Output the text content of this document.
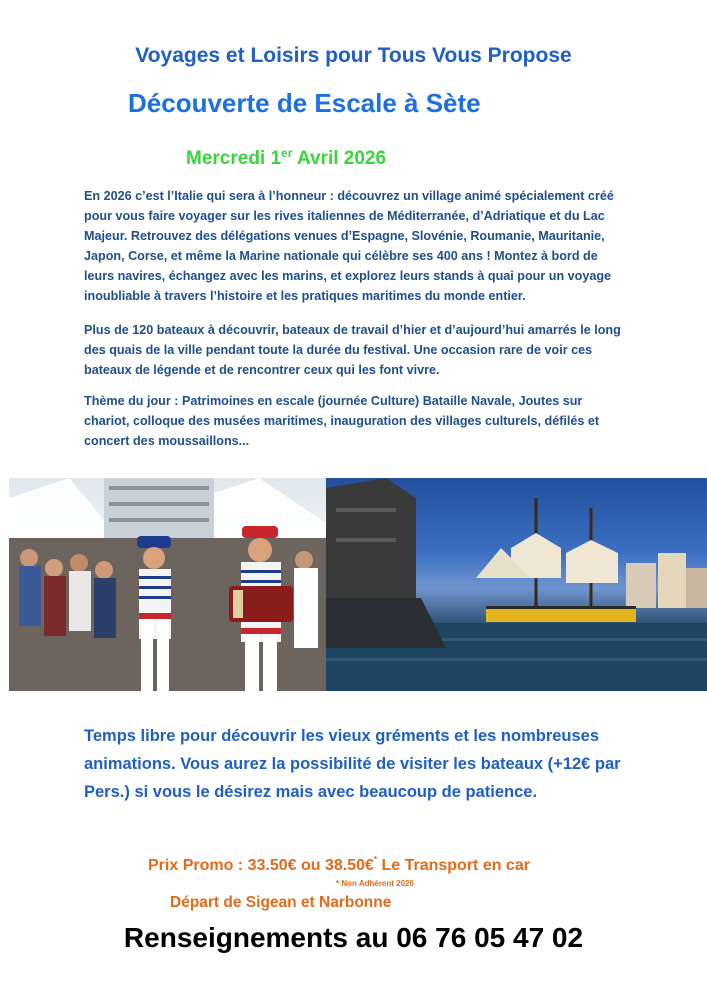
Voyages et Loisirs pour Tous Vous Propose
Découverte de Escale à Sète
Mercredi 1er Avril 2026

En 2026 c’est l’Italie qui sera à l’honneur : découvrez un village animé spécialement créé pour vous faire voyager sur les rives italiennes de Méditerranée, d’Adriatique et du Lac Majeur. Retrouvez des délégations venues d’Espagne, Slovénie, Roumanie, Mauritanie, Japon, Corse, et même la Marine nationale qui célèbre ses 400 ans ! Montez à bord de leurs navires, échangez avec les marins, et explorez leurs stands à quai pour un voyage inoubliable à travers l’histoire et les pratiques maritimes du monde entier.

Plus de 120 bateaux à découvrir, bateaux de travail d’hier et d’aujourd’hui amarrés le long des quais de la ville pendant toute la durée du festival. Une occasion rare de voir ces bateaux de légende et de rencontrer ceux qui les font vivre.

Thème du jour : Patrimoines en escale (journée Culture) Bataille Navale, Joutes sur chariot, colloque des musées maritimes, inauguration des villages culturels, défilés et concert des moussaillons...

Temps libre pour découvrir les vieux gréments et les nombreuses animations. Vous aurez la possibilité de visiter les bateaux (+12€ par Pers.) si vous le désirez mais avec beaucoup de patience.

Prix Promo : 33.50€ ou 38.50€* Le Transport en car
* Non Adhérent 2026
Départ de Sigean et Narbonne
Renseignements au 06 76 05 47 02
